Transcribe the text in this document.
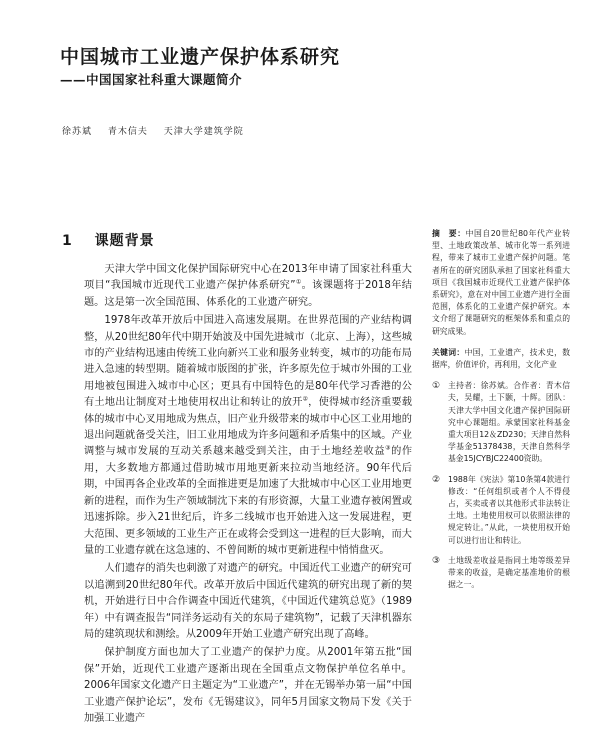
中国城市工业遗产保护体系研究
——中国国家社科重大课题简介
徐苏斌 青木信夫 天津大学建筑学院
1 课题背景

天津大学中国文化保护国际研究中心在2013年申请了国家社科重大项目“我国城市近现代工业遗产保护体系研究”①。该课题将于2018年结题。这是第一次全国范围、体系化的工业遗产研究。

1978年改革开放后中国进入高速发展期。在世界范围的产业结构调整，从20世纪80年代中期开始波及中国先进城市（北京、上海），这些城市的产业结构迅速由传统工业向新兴工业和服务业转变，城市的功能布局进入急速的转型期。随着城市版图的扩张，许多原先位于城市外围的工业用地被包围进入城市中心区；更具有中国特色的是80年代学习香港的公有土地出让制度对土地使用权出让和转让的放开②，使得城市经济重要载体的城市中心叉用地成为焦点，旧产业升级带来的城市中心区工业用地的退出问题就备受关注，旧工业用地成为许多问题和矛盾集中的区域。产业调整与城市发展的互动关系越来越受到关注，由于土地经差收益③的作用，大多数地方都通过借助城市用地更新来拉动当地经济。90年代后期，中国再各企业改革的全面推进更是加速了大批城市中心区工业用地更新的进程，而作为生产领域制沈下来的有形资源，大量工业遗存被闲置或迅速拆除。步入21世纪后，许多二线城市也开始进入这一发展进程，更大范围、更多领域的工业生产正在或将会受到这一进程的巨大影响，而大量的工业遗存就在这急速的、不曾间断的城市更新进程中悄悄盘灭。

人们遗存的消失也刺激了对遗产的研究。中国近代工业遗产的研究可以追溯到20世纪80年代。改革开放后中国近代建筑的研究出现了新的契机，开始进行日中合作调查中国近代建筑，《中国近代建筑总览》（1989年）中有调查报告“同洋务运动有关的东局子建筑物”，记载了天津机器东局的建筑现状和测绘。从2009年开始工业遗产研究出现了高峰。

保护制度方面也加大了工业遗产的保护力度。从2001年第五批“国保”开始，近现代工业遗产逐渐出现在全国重点文物保护单位名单中。2006年国家文化遗产日主题定为“工业遗产”，并在无锡举办第一届“中国工业遗产保护论坛”，发布《无锡建议》，同年5月国家文物局下发《关于加强工业遗产

摘　要：中国自20世纪80年代产业转型、土地政策改革、城市化等一系列进程，带来了城市工业遗产保护问题。笔者所在的研究团队承担了国家社科重大项目《我国城市近现代工业遗产保护体系研究》，意在对中国工业遗产进行全面范围，体系化的工业遗产保护研究。本文介绍了课题研究的框架体系和重点的研究成果。
关键词：中国，工业遗产，技术史，数据库，价值评价，再利用，文化产业
①	主持者：徐苏斌。合作者：青木信夫，吴耀，土下颢，十辉。团队：天津大学中国文化遗产保护国际研究中心课题组。承蒙国家社科基金重大项目12＆ZD230；天津自然科学基金51378438，天津自然科学基金15JCYBJC22400资助。
②	1988年《宪法》第10条第4款进行修改：“任何组织或者个人不得侵占，买卖或者以其他形式非法转让土地。土地使用权可以依照法律的规定转让。”从此，一块使用权开始可以进行出让和转让。
③	土地级差收益是指同土地等级差异带来的收益，是确定基准地价的根据之一。
